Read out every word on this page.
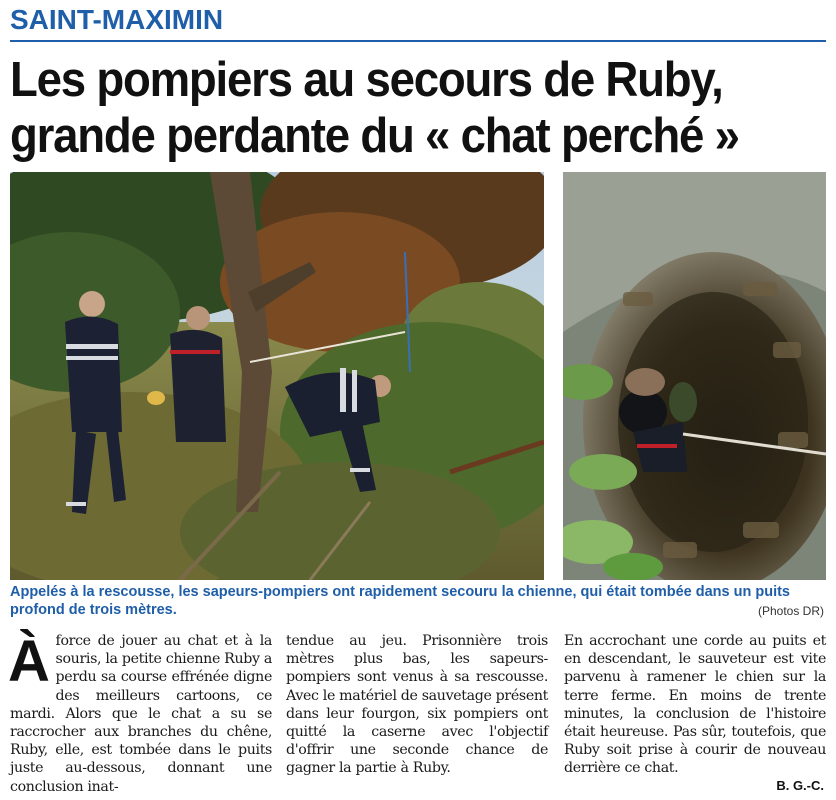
SAINT-MAXIMIN
Les pompiers au secours de Ruby,
grande perdante du « chat perché »
Appelés à la rescousse, les sapeurs-pompiers ont rapidement secouru la chienne, qui était tombée dans un puits profond de trois mètres.	(Photos DR)
À force de jouer au chat et à la souris, la petite chienne Ruby a perdu sa course effrénée digne des meilleurs cartoons, ce mardi. Alors que le chat a su se raccrocher aux branches du chêne, Ruby, elle, est tombée dans le puits juste au-dessous, donnant une conclusion inat-
tendue au jeu. Prisonnière trois mètres plus bas, les sapeurs-pompiers sont venus à sa rescousse. Avec le matériel de sauvetage présent dans leur fourgon, six pompiers ont quitté la caserne avec l'objectif d'offrir une seconde chance de gagner la partie à Ruby.
En accrochant une corde au puits et en descendant, le sauveteur est vite parvenu à ramener le chien sur la terre ferme. En moins de trente minutes, la conclusion de l'histoire était heureuse. Pas sûr, toutefois, que Ruby soit prise à courir de nouveau derrière ce chat.
B. G.-C.
